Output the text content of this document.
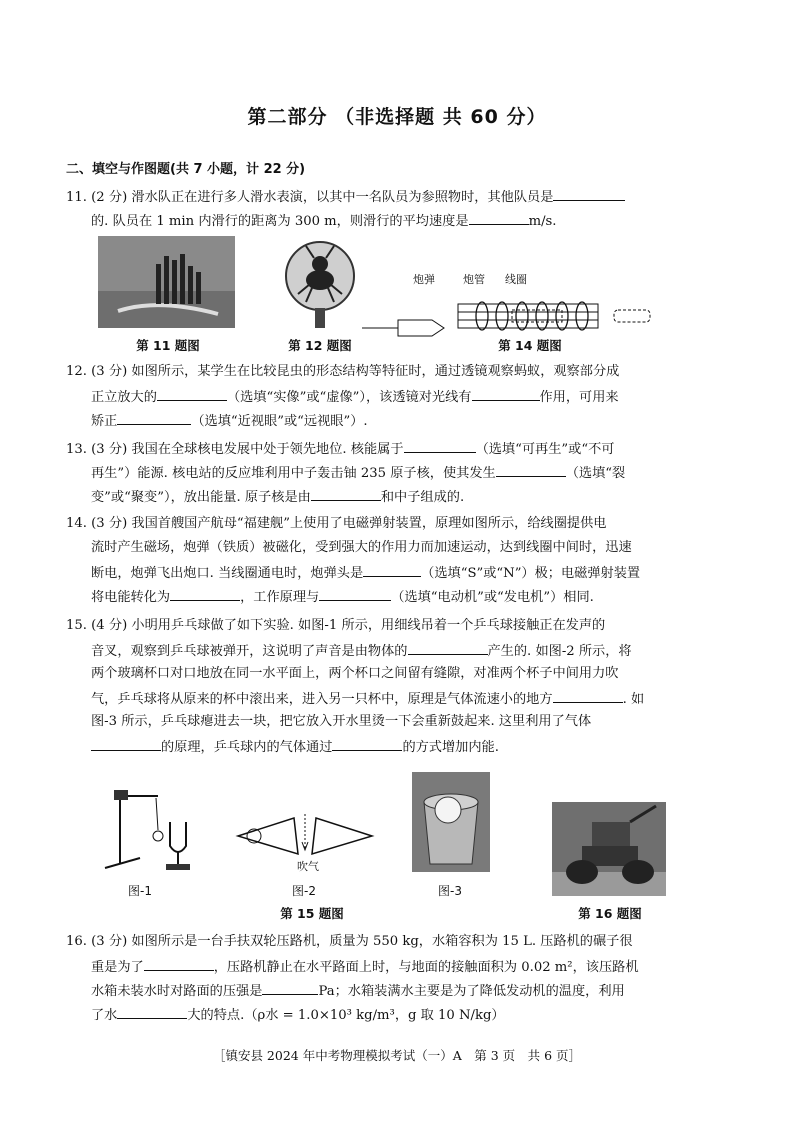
第二部分 （非选择题 共 60 分）
二、填空与作图题(共 7 小题，计 22 分)
11. (2 分) 滑水队正在进行多人滑水表演，以其中一名队员为参照物时，其他队员是
的. 队员在 1 min 内滑行的距离为 300 m，则滑行的平均速度是	m/s.
第 11 题图	第 12 题图
炮弹	炮管	线圈
第 14 题图
12. (3 分) 如图所示，某学生在比较昆虫的形态结构等特征时，通过透镜观察蚂蚁，观察部分成
正立放大的	（选填“实像”或“虚像”），该透镜对光线有	作用，可用来
矫正	（选填“近视眼”或“远视眼”）.
13. (3 分) 我国在全球核电发展中处于领先地位. 核能属于	（选填“可再生”或“不可
再生”）能源. 核电站的反应堆利用中子轰击铀 235 原子核，使其发生	（选填“裂
变”或“聚变”），放出能量. 原子核是由	和中子组成的.
14. (3 分) 我国首艘国产航母“福建舰”上使用了电磁弹射装置，原理如图所示，给线圈提供电
流时产生磁场，炮弹（铁质）被磁化，受到强大的作用力而加速运动，达到线圈中间时，迅速
断电，炮弹飞出炮口. 当线圈通电时，炮弹头是	（选填“S”或“N”）极；电磁弹射装置
将电能转化为	，工作原理与	（选填“电动机”或“发电机”）相同.
15. (4 分) 小明用乒乓球做了如下实验. 如图-1 所示，用细线吊着一个乒乓球接触正在发声的
音叉，观察到乒乓球被弹开，这说明了声音是由物体的	产生的. 如图-2 所示，将
两个玻璃杯口对口地放在同一水平面上，两个杯口之间留有缝隙，对准两个杯子中间用力吹
气，乒乓球将从原来的杯中滚出来，进入另一只杯中，原理是气体流速小的地方	. 如
图-3 所示，乒乓球瘪进去一块，把它放入开水里烫一下会重新鼓起来. 这里利用了气体
的原理，乒乓球内的气体通过	的方式增加内能.
图-1
吹气
图-2	图-3
第 15 题图	第 16 题图
16. (3 分) 如图所示是一台手扶双轮压路机，质量为 550 kg，水箱容积为 15 L. 压路机的碾子很
重是为了	，压路机静止在水平路面上时，与地面的接触面积为 0.02 m²，该压路机
水箱未装水时对路面的压强是	Pa；水箱装满水主要是为了降低发动机的温度，利用
了水	大的特点.（ρ水 = 1.0×10³ kg/m³，g 取 10 N/kg）
［镇安县 2024 年中考物理模拟考试（一）A　第 3 页　共 6 页］
